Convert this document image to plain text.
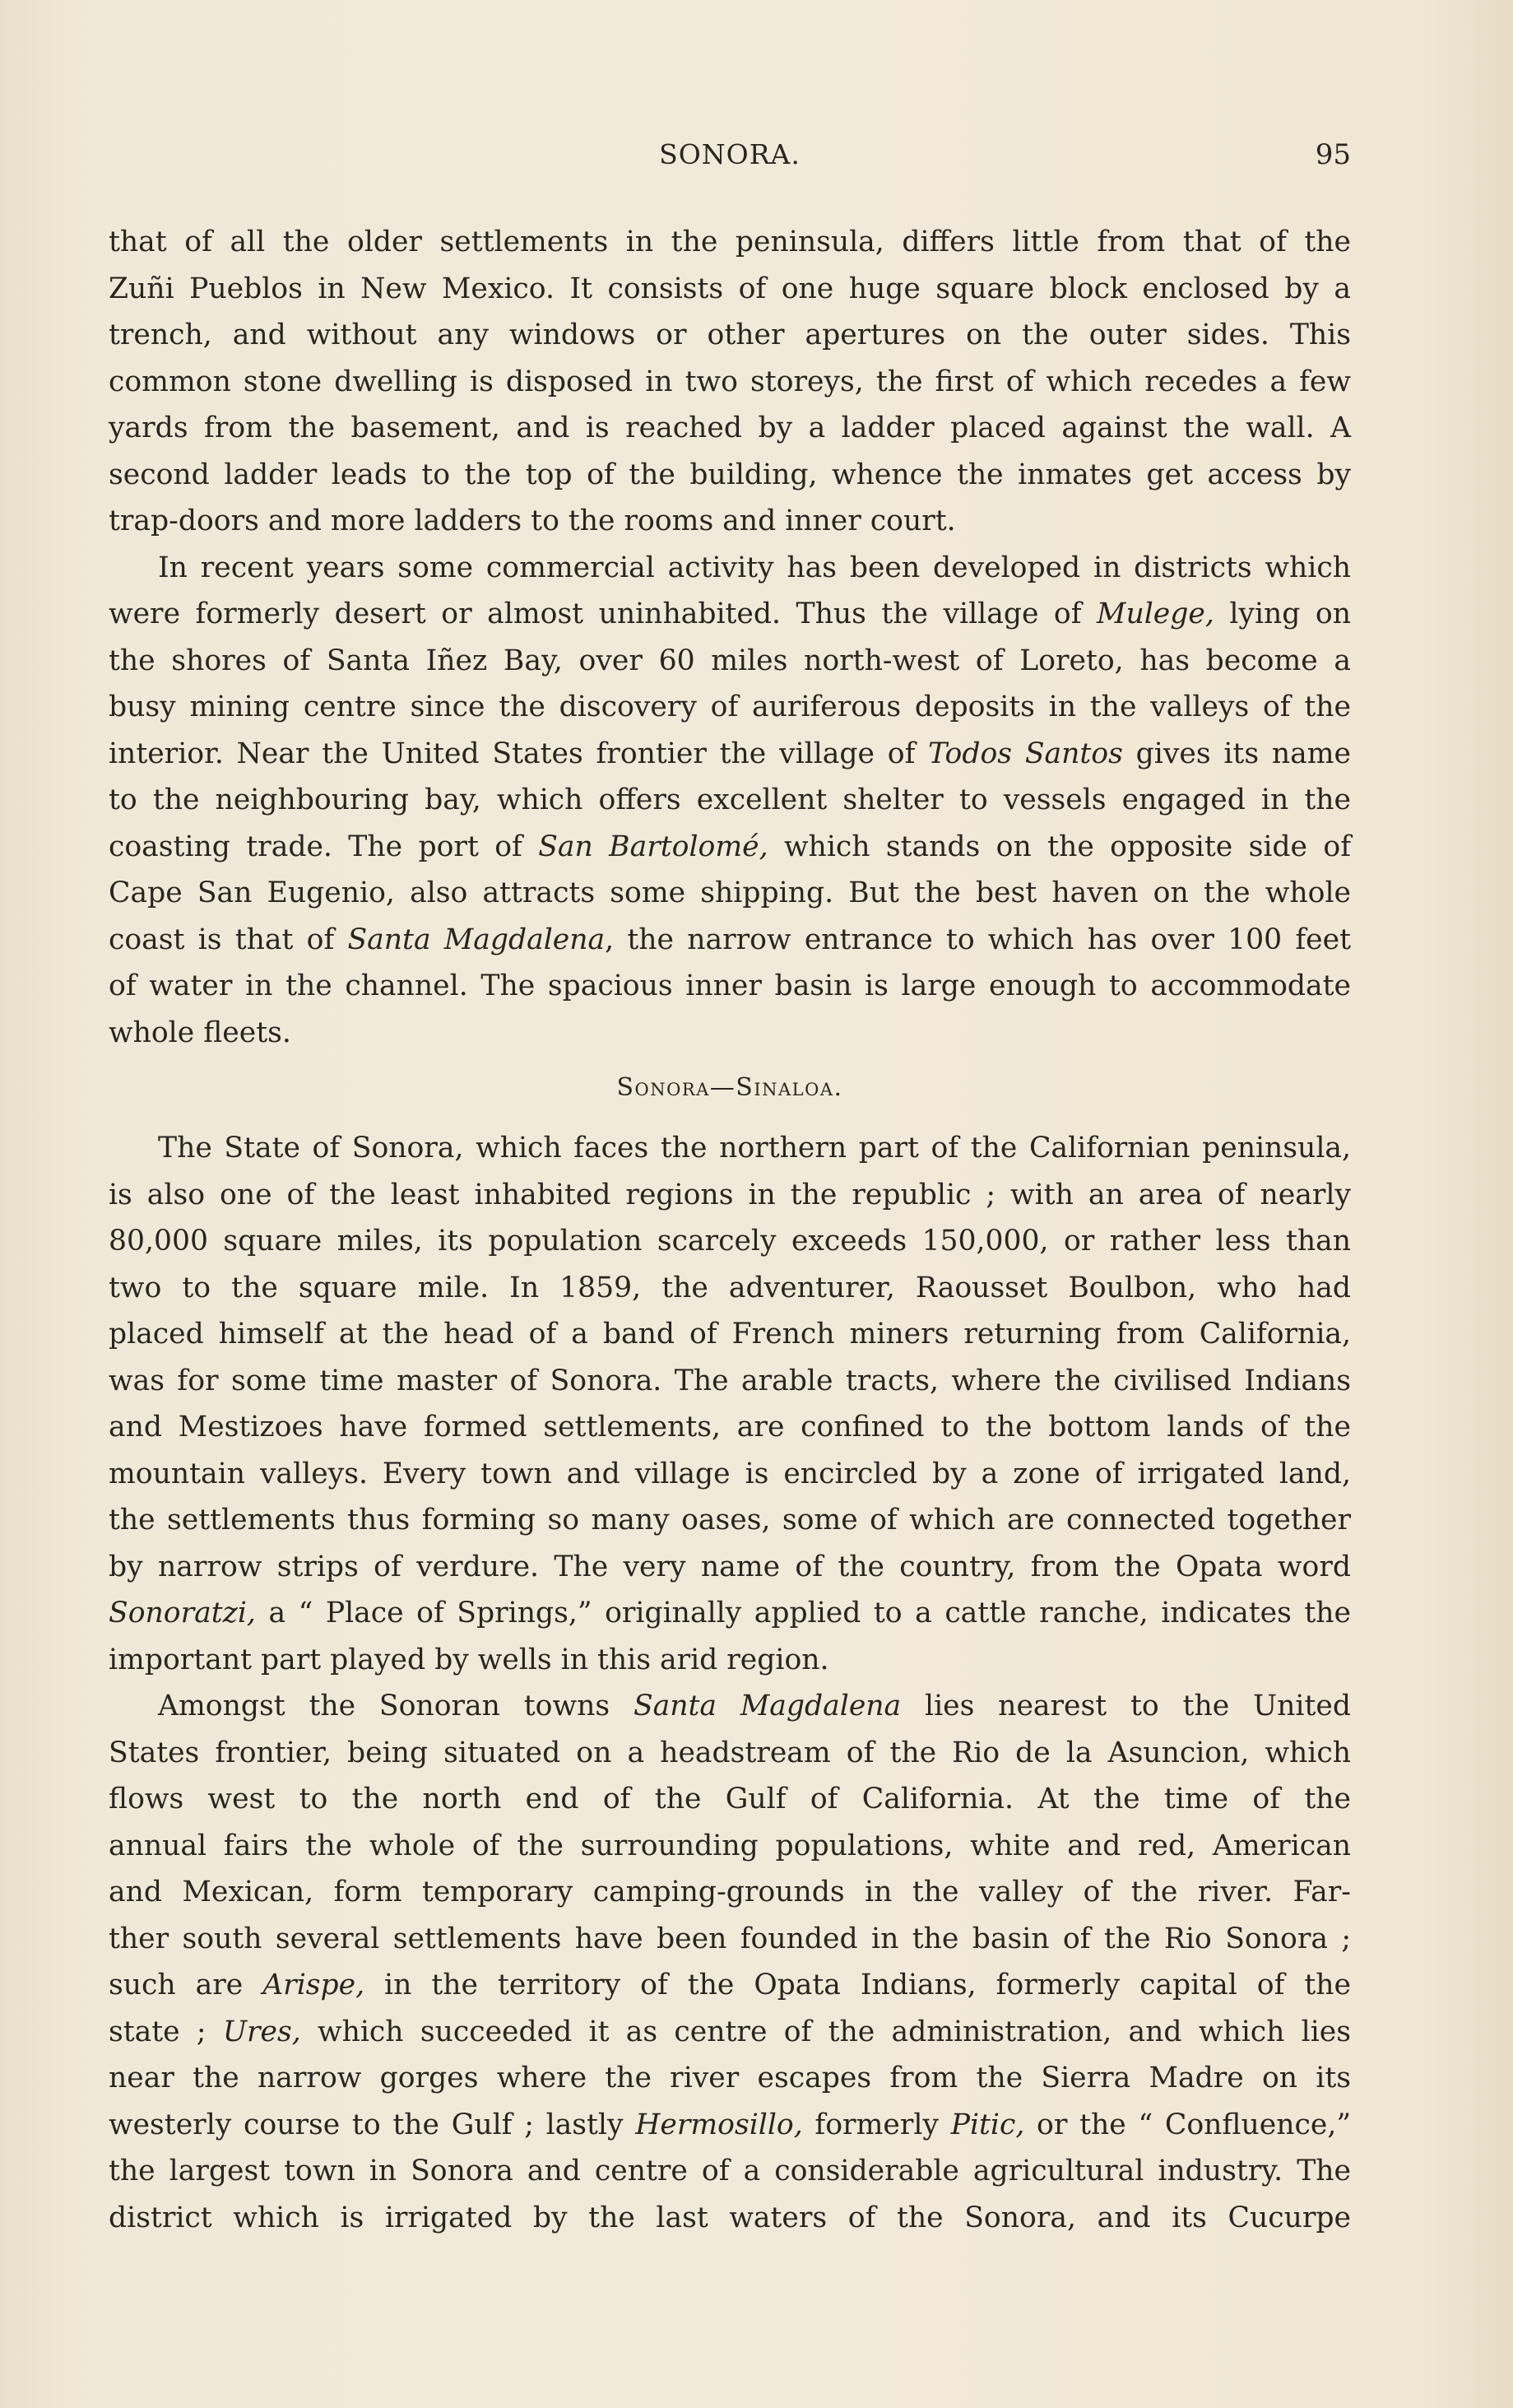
SONORA.	95
that of all the older settlements in the peninsula, differs little from that of the
Zuñi Pueblos in New Mexico. It consists of one huge square block enclosed by a
trench, and without any windows or other apertures on the outer sides. This
common stone dwelling is disposed in two storeys, the first of which recedes a few
yards from the basement, and is reached by a ladder placed against the wall. A
second ladder leads to the top of the building, whence the inmates get access by
trap-doors and more ladders to the rooms and inner court.
In recent years some commercial activity has been developed in districts which
were formerly desert or almost uninhabited. Thus the village of Mulege, lying on
the shores of Santa Iñez Bay, over 60 miles north-west of Loreto, has become a
busy mining centre since the discovery of auriferous deposits in the valleys of the
interior. Near the United States frontier the village of Todos Santos gives its name
to the neighbouring bay, which offers excellent shelter to vessels engaged in the
coasting trade. The port of San Bartolomé, which stands on the opposite side of
Cape San Eugenio, also attracts some shipping. But the best haven on the whole
coast is that of Santa Magdalena, the narrow entrance to which has over 100 feet
of water in the channel. The spacious inner basin is large enough to accommodate
whole fleets.
Sonora—Sinaloa.
The State of Sonora, which faces the northern part of the Californian peninsula,
is also one of the least inhabited regions in the republic ; with an area of nearly
80,000 square miles, its population scarcely exceeds 150,000, or rather less than
two to the square mile. In 1859, the adventurer, Raousset Boulbon, who had
placed himself at the head of a band of French miners returning from California,
was for some time master of Sonora. The arable tracts, where the civilised Indians
and Mestizoes have formed settlements, are confined to the bottom lands of the
mountain valleys. Every town and village is encircled by a zone of irrigated land,
the settlements thus forming so many oases, some of which are connected together
by narrow strips of verdure. The very name of the country, from the Opata word
Sonoratzi, a “ Place of Springs,” originally applied to a cattle ranche, indicates the
important part played by wells in this arid region.
Amongst the Sonoran towns Santa Magdalena lies nearest to the United
States frontier, being situated on a headstream of the Rio de la Asuncion, which
flows west to the north end of the Gulf of California. At the time of the
annual fairs the whole of the surrounding populations, white and red, American
and Mexican, form temporary camping-grounds in the valley of the river. Far-
ther south several settlements have been founded in the basin of the Rio Sonora ;
such are Arispe, in the territory of the Opata Indians, formerly capital of the
state ; Ures, which succeeded it as centre of the administration, and which lies
near the narrow gorges where the river escapes from the Sierra Madre on its
westerly course to the Gulf ; lastly Hermosillo, formerly Pitic, or the “ Confluence,”
the largest town in Sonora and centre of a considerable agricultural industry. The
district which is irrigated by the last waters of the Sonora, and its Cucurpe
